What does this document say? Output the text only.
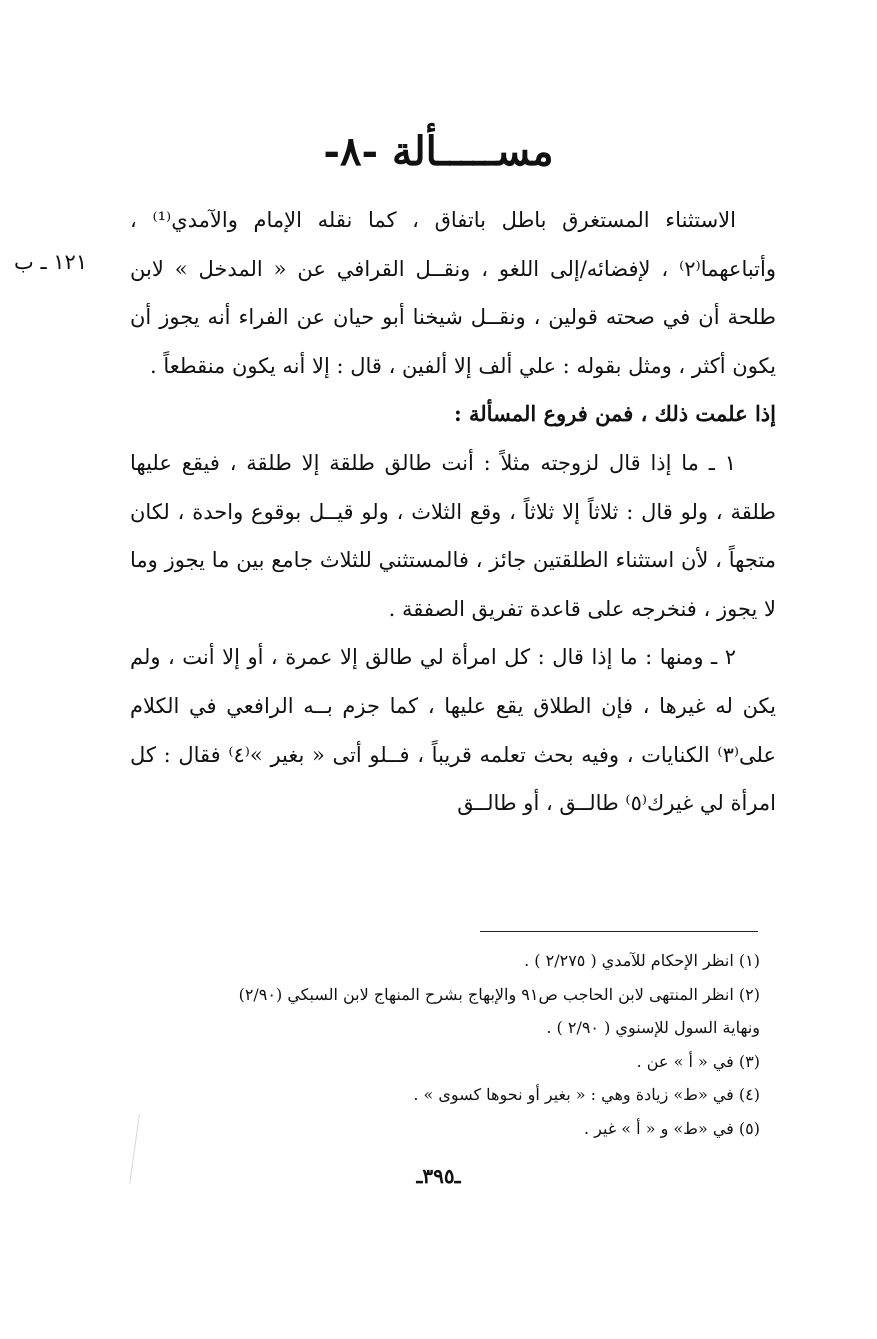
مســـــألة -٨-
١٢١ ـ ب

الاستثناء المستغرق باطل باتفاق ، كما نقله الإمام والآمدي⁽¹⁾ ، وأتباعهما⁽٢⁾ ، لإفضائه/إلى اللغو ، ونقــل القرافي عن « المدخل » لابن طلحة أن في صحته قولين ، ونقــل شيخنا أبو حيان عن الفراء أنه يجوز أن يكون أكثر ، ومثل بقوله : علي ألف إلا ألفين ، قال : إلا أنه يكون منقطعاً .

إذا علمت ذلك ، فمن فروع المسألة :

١ ـ ما إذا قال لزوجته مثلاً : أنت طالق طلقة إلا طلقة ، فيقع عليها طلقة ، ولو قال : ثلاثاً إلا ثلاثاً ، وقع الثلاث ، ولو قيــل بوقوع واحدة ، لكان متجهاً ، لأن استثناء الطلقتين جائز ، فالمستثني للثلاث جامع بين ما يجوز وما لا يجوز ، فنخرجه على قاعدة تفريق الصفقة .

٢ ـ ومنها : ما إذا قال : كل امرأة لي طالق إلا عمرة ، أو إلا أنت ، ولم يكن له غيرها ، فإن الطلاق يقع عليها ، كما جزم بــه الرافعي في الكلام على⁽٣⁾ الكنايات ، وفيه بحث تعلمه قريباً ، فــلو أتى « بغير »⁽٤⁾ فقال : كل امرأة لي غيرك⁽٥⁾ طالــق ، أو طالــق

(١) انظر الإحكام للآمدي ( ٢/٢٧٥ ) .

(٢) انظر المنتهى لابن الحاجب ص٩١ والإبهاج بشرح المنهاج لابن السبكي (٢/٩٠)

ونهاية السول للإسنوي ( ٢/٩٠ ) .

(٣) في « أ » عن .

(٤) في «ط» زيادة وهي : « بغير أو نحوها كسوى » .

(٥) في «ط» و « أ » غير .

ـ٣٩٥ـ
